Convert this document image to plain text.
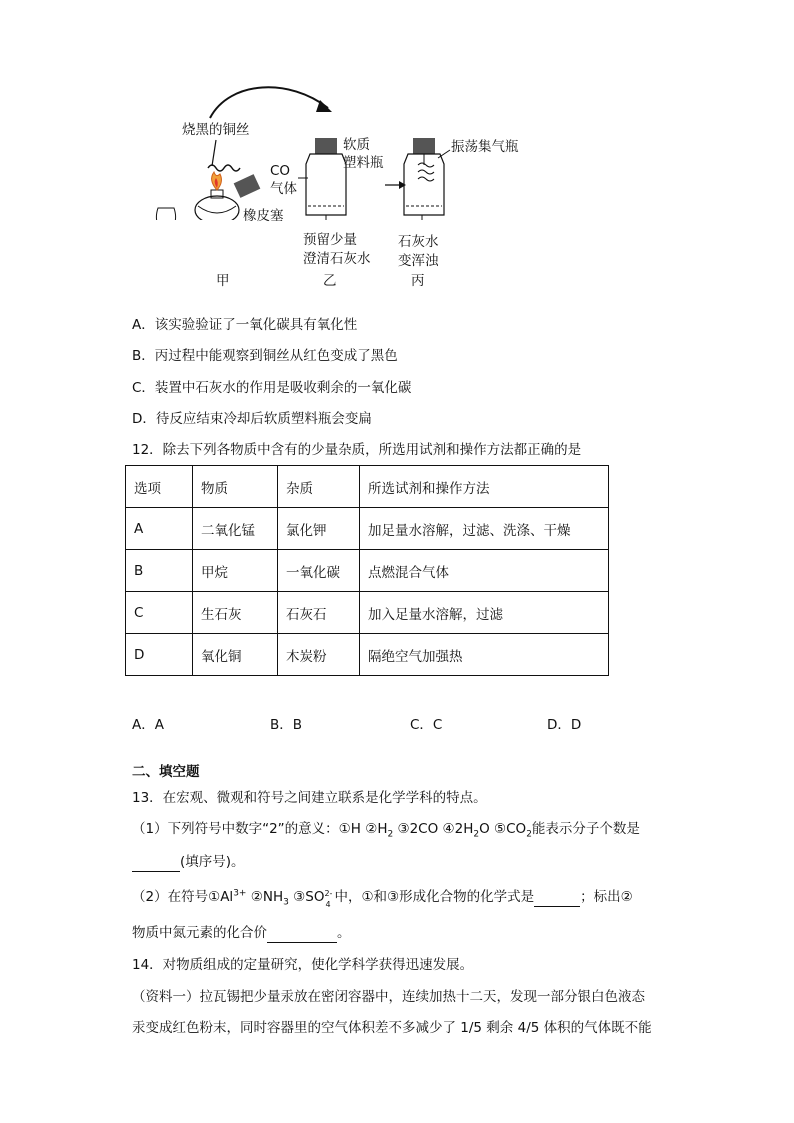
烧黑的铜丝
CO
气体
软质
塑料瓶
振荡集气瓶
橡皮塞
预留少量
澄清石灰水
石灰水
变浑浊
甲	乙	丙
A．该实验验证了一氧化碳具有氧化性
B．丙过程中能观察到铜丝从红色变成了黑色
C．装置中石灰水的作用是吸收剩余的一氧化碳
D．待反应结束冷却后软质塑料瓶会变扁
12．除去下列各物质中含有的少量杂质，所选用试剂和操作方法都正确的是
选项	物质	杂质	所选试剂和操作方法
A	二氧化锰	氯化钾	加足量水溶解，过滤、洗涤、干燥
B	甲烷	一氧化碳	点燃混合气体
C	生石灰	石灰石	加入足量水溶解，过滤
D	氧化铜	木炭粉	隔绝空气加强热
A．A	B．B	C．C	D．D
二、填空题
13．在宏观、微观和符号之间建立联系是化学学科的特点。
（1）下列符号中数字“2”的意义：①H $②H_2$ ③2CO $④2H_2O$ $⑤CO_2$能表示分子个数是
(填序号)。
（2）在符号$①Al^{3+}$ $②NH_3$ ③SO 2-
4 中，①和③形成化合物的化学式是	；标出②
物质中氮元素的化合价	。
14．对物质组成的定量研究，使化学科学获得迅速发展。
（资料一）拉瓦锡把少量汞放在密闭容器中，连续加热十二天，发现一部分银白色液态
汞变成红色粉末，同时容器里的空气体积差不多减少了 1/5 剩余 4/5 体积的气体既不能
